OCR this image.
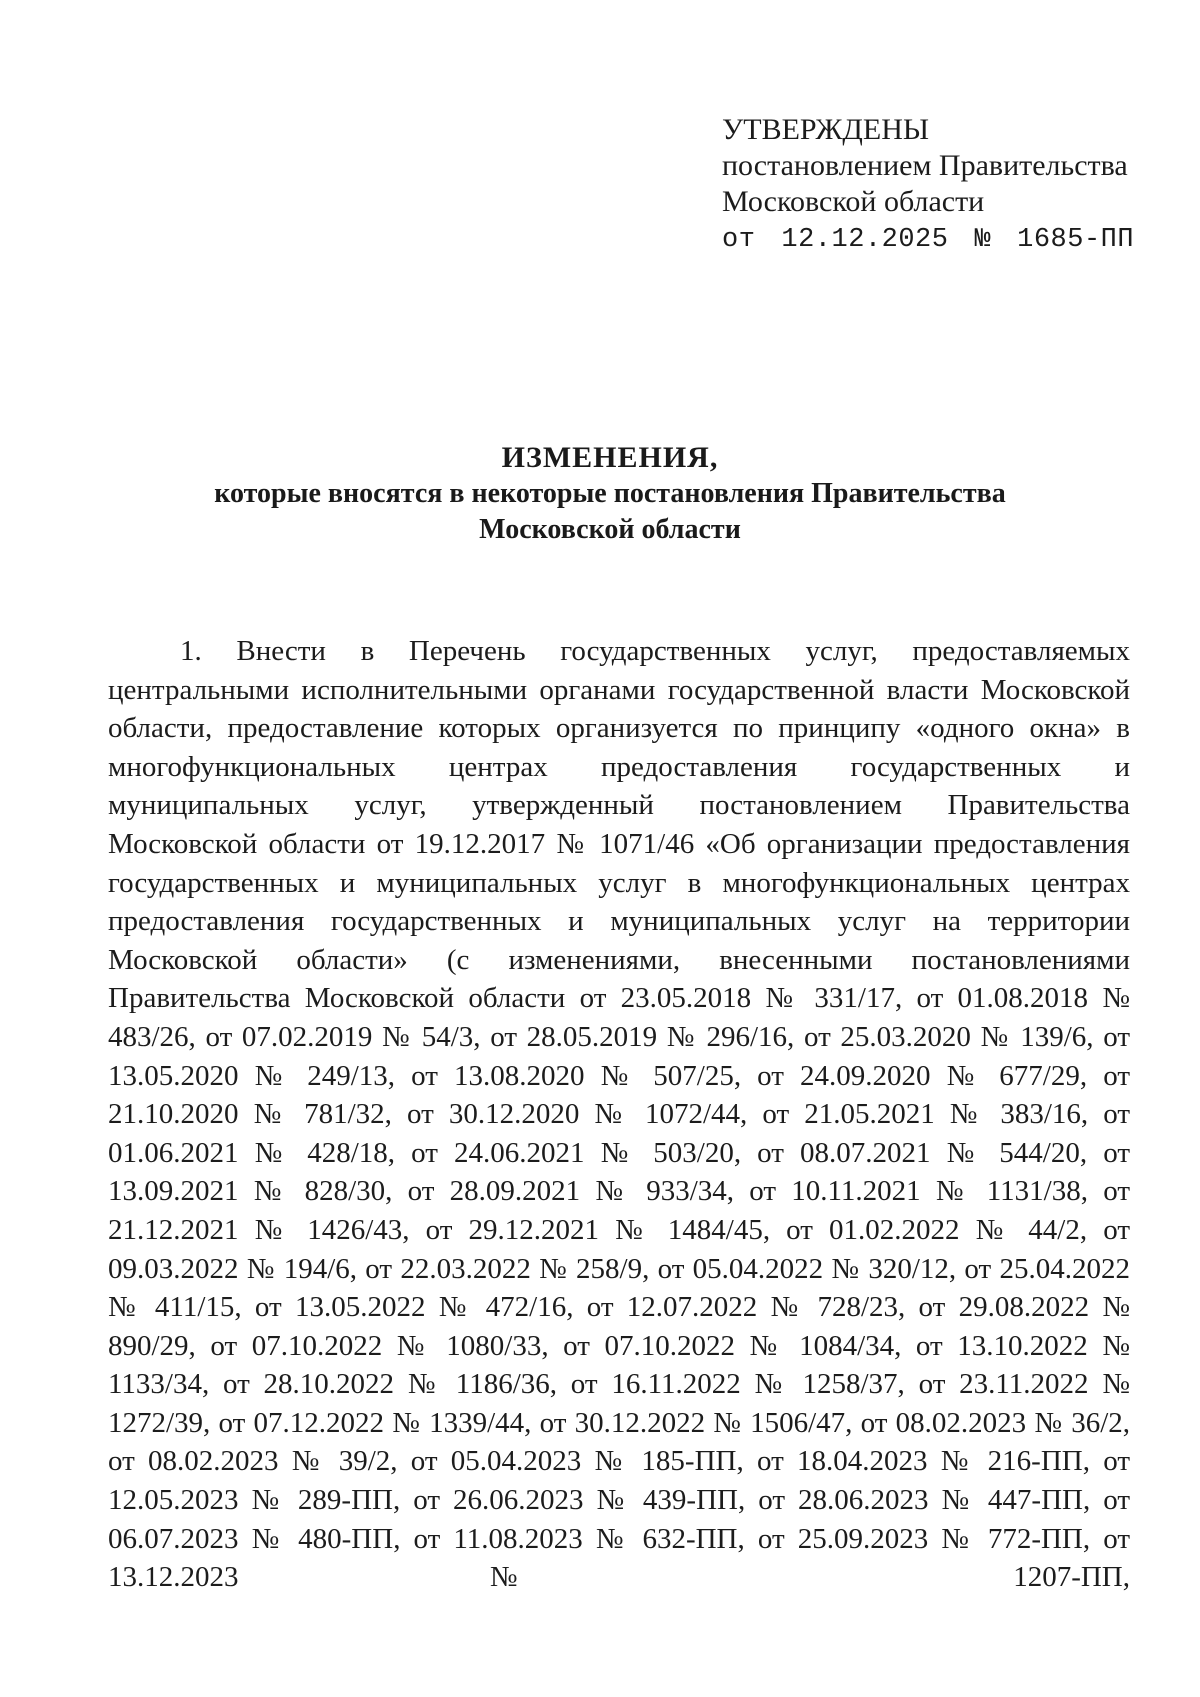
УТВЕРЖДЕНЫ
постановлением Правительства
Московской области
от 12.12.2025 № 1685-ПП
ИЗМЕНЕНИЯ,
которые вносятся в некоторые постановления Правительства
Московской области

1. Внести в Перечень государственных услуг, предоставляемых центральными исполнительными органами государственной власти Московской области, предоставление которых организуется по принципу «одного окна» в многофункциональных центрах предоставления государственных и муниципальных услуг, утвержденный постановлением Правительства Московской области от 19.12.2017 № 1071/46 «Об организации предоставления государственных и муниципальных услуг в многофункциональных центрах предоставления государственных и муниципальных услуг на территории Московской области» (с изменениями, внесенными постановлениями Правительства Московской области от 23.05.2018 № 331/17, от 01.08.2018 № 483/26, от 07.02.2019 № 54/3, от 28.05.2019 № 296/16, от 25.03.2020 № 139/6, от 13.05.2020 № 249/13, от 13.08.2020 № 507/25, от 24.09.2020 № 677/29, от 21.10.2020 № 781/32, от 30.12.2020 № 1072/44, от 21.05.2021 № 383/16, от 01.06.2021 № 428/18, от 24.06.2021 № 503/20, от 08.07.2021 № 544/20, от 13.09.2021 № 828/30, от 28.09.2021 № 933/34, от 10.11.2021 № 1131/38, от 21.12.2021 № 1426/43, от 29.12.2021 № 1484/45, от 01.02.2022 № 44/2, от 09.03.2022 № 194/6, от 22.03.2022 № 258/9, от 05.04.2022 № 320/12, от 25.04.2022 № 411/15, от 13.05.2022 № 472/16, от 12.07.2022 № 728/23, от 29.08.2022 № 890/29, от 07.10.2022 № 1080/33, от 07.10.2022 № 1084/34, от 13.10.2022 № 1133/34, от 28.10.2022 № 1186/36, от 16.11.2022 № 1258/37, от 23.11.2022 № 1272/39, от 07.12.2022 № 1339/44, от 30.12.2022 № 1506/47, от 08.02.2023 № 36/2, от 08.02.2023 № 39/2, от 05.04.2023 № 185-ПП, от 18.04.2023 № 216-ПП, от 12.05.2023 № 289-ПП, от 26.06.2023 № 439-ПП, от 28.06.2023 № 447-ПП, от 06.07.2023 № 480-ПП, от 11.08.2023 № 632-ПП, от 25.09.2023 № 772-ПП, от 13.12.2023 № 1207-ПП,
